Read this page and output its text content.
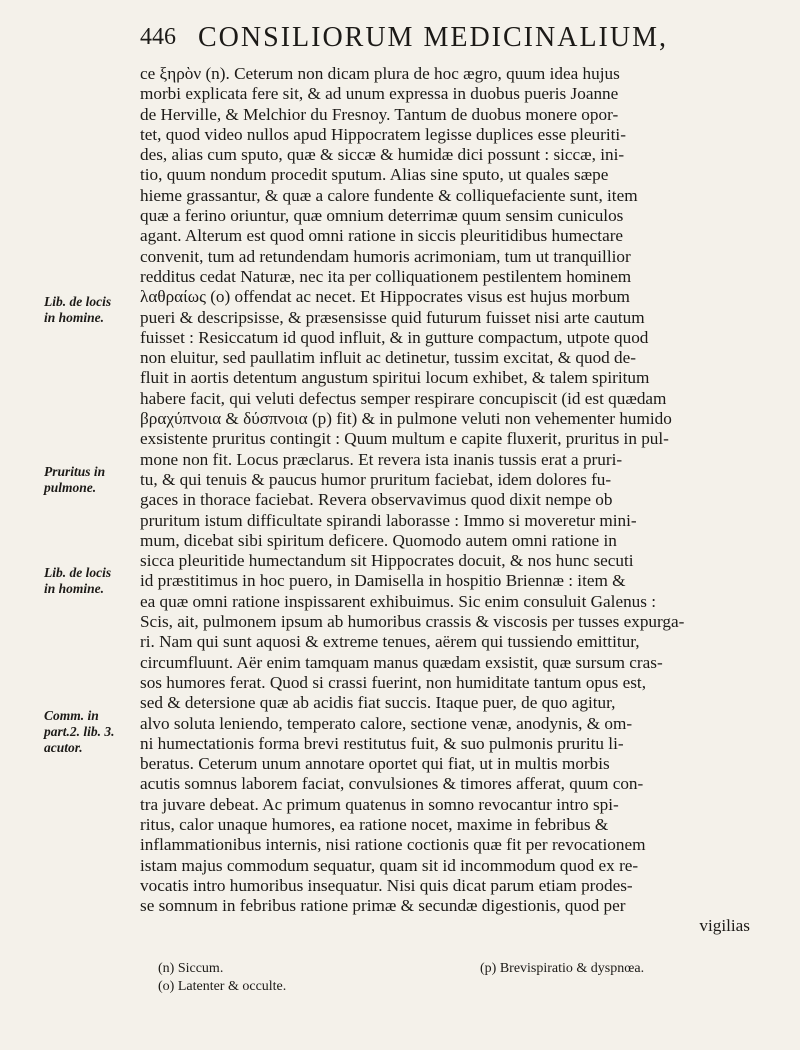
446 CONSILIORUM MEDICINALIUM,
Lib. de locis
in homine.
Pruritus in
pulmone.
Lib. de locis
in homine.
Comm. in
part.2. lib. 3.
acutor.
ce ξηρὸν (n). Ceterum non dicam plura de hoc ægro, quum idea hujus
morbi explicata fere sit, & ad unum expressa in duobus pueris Joanne
de Herville, & Melchior du Fresnoy. Tantum de duobus monere opor-
tet, quod video nullos apud Hippocratem legisse duplices esse pleuriti-
des, alias cum sputo, quæ & siccæ & humidæ dici possunt : siccæ, ini-
tio, quum nondum procedit sputum. Alias sine sputo, ut quales sæpe
hieme grassantur, & quæ a calore fundente & colliquefaciente sunt, item
quæ a ferino oriuntur, quæ omnium deterrimæ quum sensim cuniculos
agant. Alterum est quod omni ratione in siccis pleuritidibus humectare
convenit, tum ad retundendam humoris acrimoniam, tum ut tranquillior
redditus cedat Naturæ, nec ita per colliquationem pestilentem hominem
λαθραίως (o) offendat ac necet. Et Hippocrates visus est hujus morbum
pueri & descripsisse, & præsensisse quid futurum fuisset nisi arte cautum
fuisset : Resiccatum id quod influit, & in gutture compactum, utpote quod
non eluitur, sed paullatim influit ac detinetur, tussim excitat, & quod de-
fluit in aortis detentum angustum spiritui locum exhibet, & talem spiritum
habere facit, qui veluti defectus semper respirare concupiscit (id est quædam
βραχύπνοια & δύσπνοια (p) fit) & in pulmone veluti non vehementer humido
exsistente pruritus contingit : Quum multum e capite fluxerit, pruritus in pul-
mone non fit. Locus præclarus. Et revera ista inanis tussis erat a pruri-
tu, & qui tenuis & paucus humor pruritum faciebat, idem dolores fu-
gaces in thorace faciebat. Revera observavimus quod dixit nempe ob
pruritum istum difficultate spirandi laborasse : Immo si moveretur mini-
mum, dicebat sibi spiritum deficere. Quomodo autem omni ratione in
sicca pleuritide humectandum sit Hippocrates docuit, & nos hunc secuti
id præstitimus in hoc puero, in Damisella in hospitio Briennæ : item &
ea quæ omni ratione inspissarent exhibuimus. Sic enim consuluit Galenus :
Scis, ait, pulmonem ipsum ab humoribus crassis & viscosis per tusses expurga-
ri. Nam qui sunt aquosi & extreme tenues, aërem qui tussiendo emittitur,
circumfluunt. Aër enim tamquam manus quædam exsistit, quæ sursum cras-
sos humores ferat. Quod si crassi fuerint, non humiditate tantum opus est,
sed & detersione quæ ab acidis fiat succis. Itaque puer, de quo agitur,
alvo soluta leniendo, temperato calore, sectione venæ, anodynis, & om-
ni humectationis forma brevi restitutus fuit, & suo pulmonis pruritu li-
beratus. Ceterum unum annotare oportet qui fiat, ut in multis morbis
acutis somnus laborem faciat, convulsiones & timores afferat, quum con-
tra juvare debeat. Ac primum quatenus in somno revocantur intro spi-
ritus, calor unaque humores, ea ratione nocet, maxime in febribus &
inflammationibus internis, nisi ratione coctionis quæ fit per revocationem
istam majus commodum sequatur, quam sit id incommodum quod ex re-
vocatis intro humoribus insequatur. Nisi quis dicat parum etiam prodes-
se somnum in febribus ratione primæ & secundæ digestionis, quod per
vigilias
(n) Siccum.
(o) Latenter & occulte.
(p) Brevispiratio & dyspnœa.
